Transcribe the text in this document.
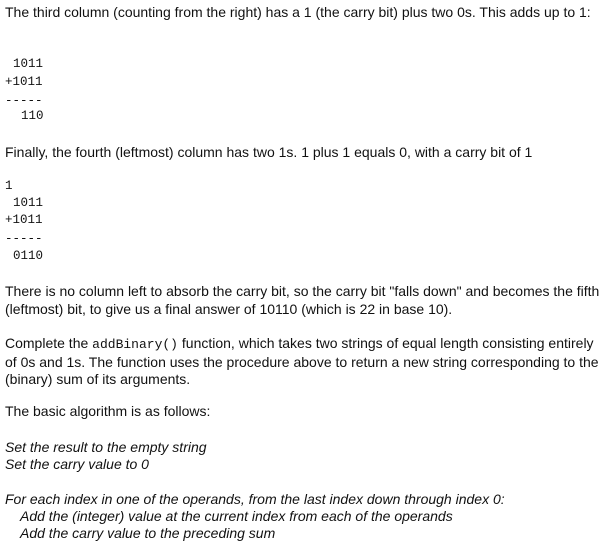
The third column (counting from the right) has a 1 (the carry bit) plus two 0s. This adds up to 1:

1011
+1011
-----
110

Finally, the fourth (leftmost) column has two 1s. 1 plus 1 equals 0, with a carry bit of 1

1
1011
+1011
-----
0110

There is no column left to absorb the carry bit, so the carry bit "falls down" and becomes the fifth (leftmost) bit, to give us a final answer of 10110 (which is 22 in base 10).

Complete the addBinary() function, which takes two strings of equal length consisting entirely of 0s and 1s. The function uses the procedure above to return a new string corresponding to the (binary) sum of its arguments.

The basic algorithm is as follows:

Set the result to the empty string

Set the carry value to 0

For each index in one of the operands, from the last index down through index 0:

Add the (integer) value at the current index from each of the operands

Add the carry value to the preceding sum
